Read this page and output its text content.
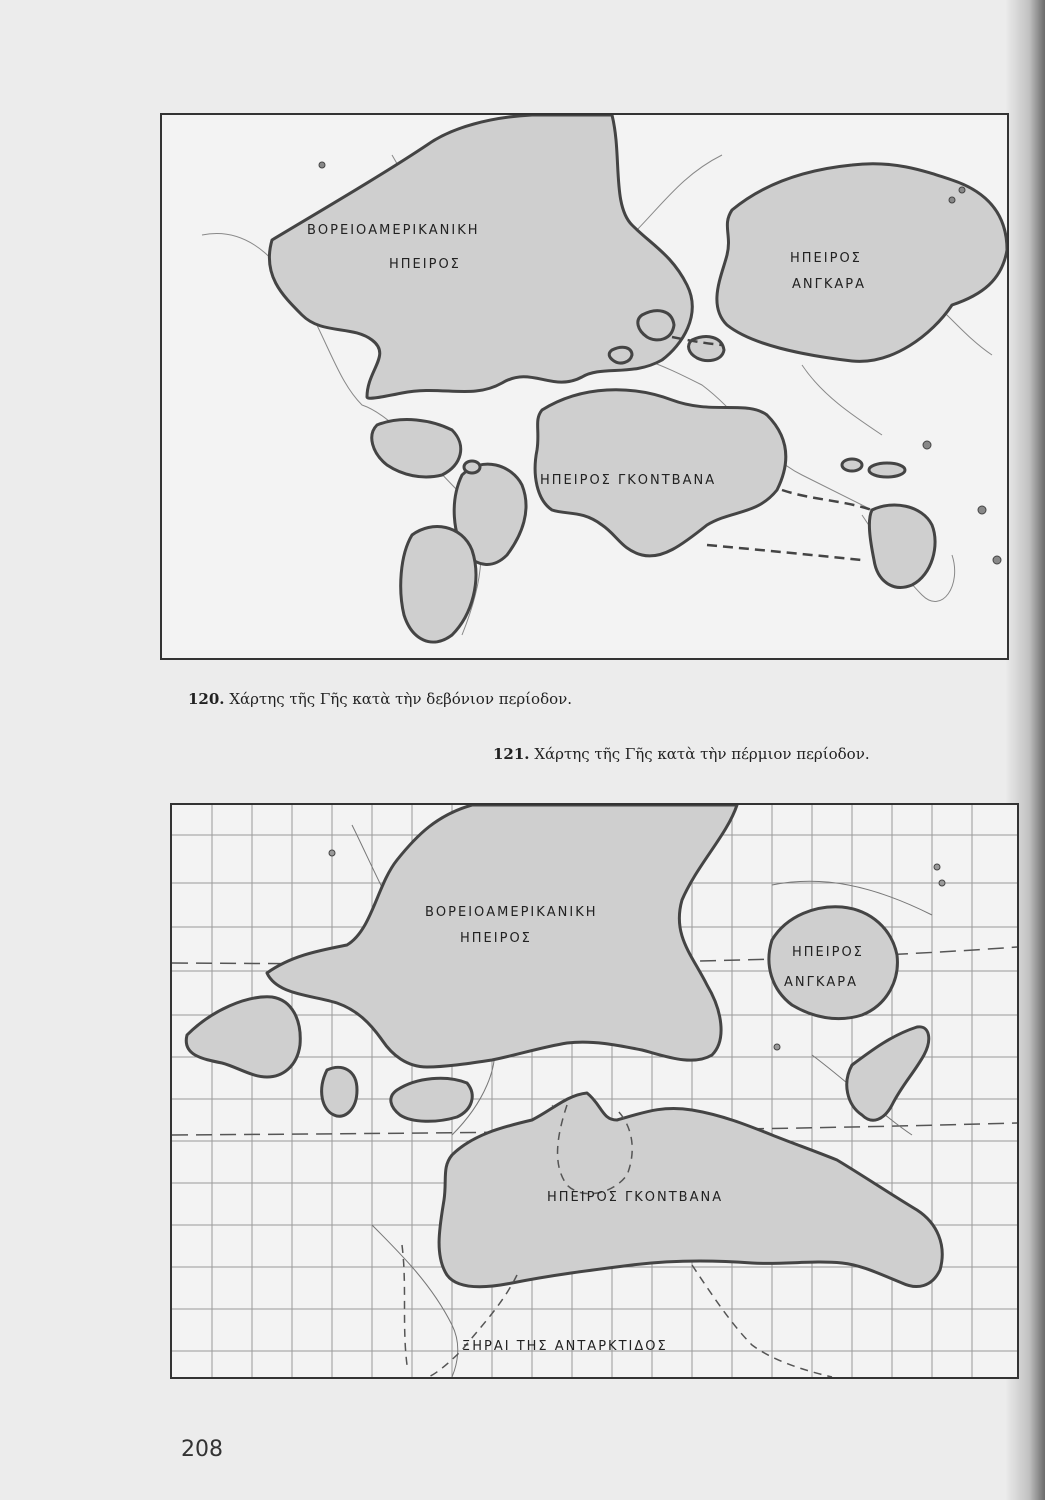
ΒΟΡΕΙΟΑΜΕΡΙΚΑΝΙΚΗ
ΗΠΕΙΡΟΣ	ΗΠΕΙΡΟΣ
ΑΝΓΚΑΡΑ
ΗΠΕΙΡΟΣ ΓΚΟΝΤΒΑΝΑ
120. Χάρτης τῆς Γῆς κατὰ τὴν δεβόνιον περίοδον.
121. Χάρτης τῆς Γῆς κατὰ τὴν πέρμιον περίοδον.
ΒΟΡΕΙΟΑΜΕΡΙΚΑΝΙΚΗ
ΗΠΕΙΡΟΣ
ΗΠΕΙΡΟΣ
ΑΝΓΚΑΡΑ
ΗΠΕΙΡΟΣ ΓΚΟΝΤΒΑΝΑ
ΞΗΡΑΙ ΤΗΣ ΑΝΤΑΡΚΤΙΔΟΣ
208
